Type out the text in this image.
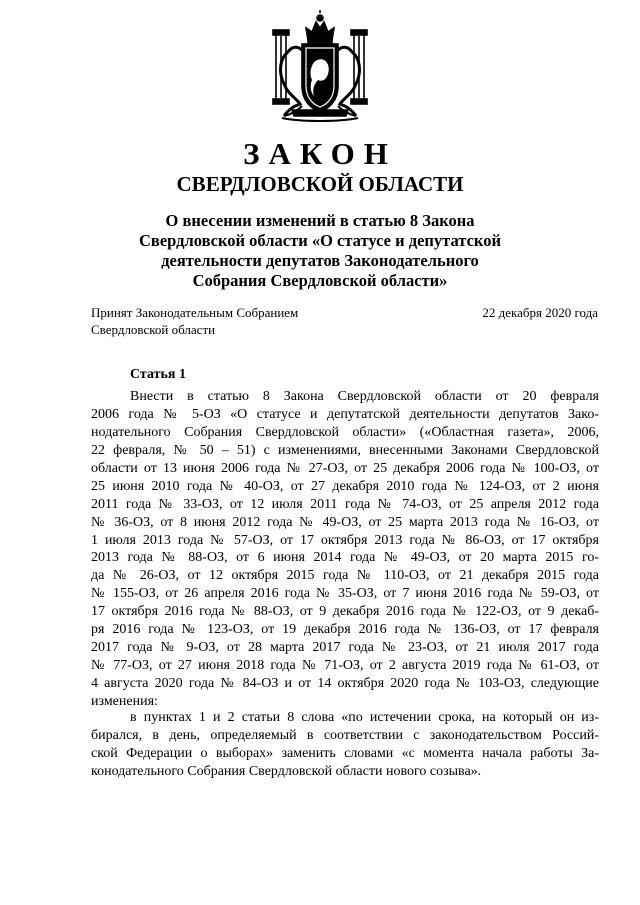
ЗАКОН
СВЕРДЛОВСКОЙ ОБЛАСТИ
О внесении изменений в статью 8 Закона
Свердловской области «О статусе и депутатской
деятельности депутатов Законодательного
Собрания Свердловской области»
Принят Законодательным Собранием
Свердловской области
22 декабря 2020 года
Статья 1
Внести в статью 8 Закона Свердловской области от 20 февраля
2006 года № 5-ОЗ «О статусе и депутатской деятельности депутатов Зако-
нодательного Собрания Свердловской области» («Областная газета», 2006,
22 февраля, № 50 – 51) с изменениями, внесенными Законами Свердловской
области от 13 июня 2006 года № 27-ОЗ, от 25 декабря 2006 года № 100-ОЗ, от
25 июня 2010 года № 40-ОЗ, от 27 декабря 2010 года № 124-ОЗ, от 2 июня
2011 года № 33-ОЗ, от 12 июля 2011 года № 74-ОЗ, от 25 апреля 2012 года
№ 36-ОЗ, от 8 июня 2012 года № 49-ОЗ, от 25 марта 2013 года № 16-ОЗ, от
1 июля 2013 года № 57-ОЗ, от 17 октября 2013 года № 86-ОЗ, от 17 октября
2013 года № 88-ОЗ, от 6 июня 2014 года № 49-ОЗ, от 20 марта 2015 го-
да № 26-ОЗ, от 12 октября 2015 года № 110-ОЗ, от 21 декабря 2015 года
№ 155-ОЗ, от 26 апреля 2016 года № 35-ОЗ, от 7 июня 2016 года № 59-ОЗ, от
17 октября 2016 года № 88-ОЗ, от 9 декабря 2016 года № 122-ОЗ, от 9 декаб-
ря 2016 года № 123-ОЗ, от 19 декабря 2016 года № 136-ОЗ, от 17 февраля
2017 года № 9-ОЗ, от 28 марта 2017 года № 23-ОЗ, от 21 июля 2017 года
№ 77-ОЗ, от 27 июня 2018 года № 71-ОЗ, от 2 августа 2019 года № 61-ОЗ, от
4 августа 2020 года № 84-ОЗ и от 14 октября 2020 года № 103-ОЗ, следующие
изменения:
в пунктах 1 и 2 статьи 8 слова «по истечении срока, на который он из-
бирался, в день, определяемый в соответствии с законодательством Россий-
ской Федерации о выборах» заменить словами «с момента начала работы За-
конодательного Собрания Свердловской области нового созыва».
